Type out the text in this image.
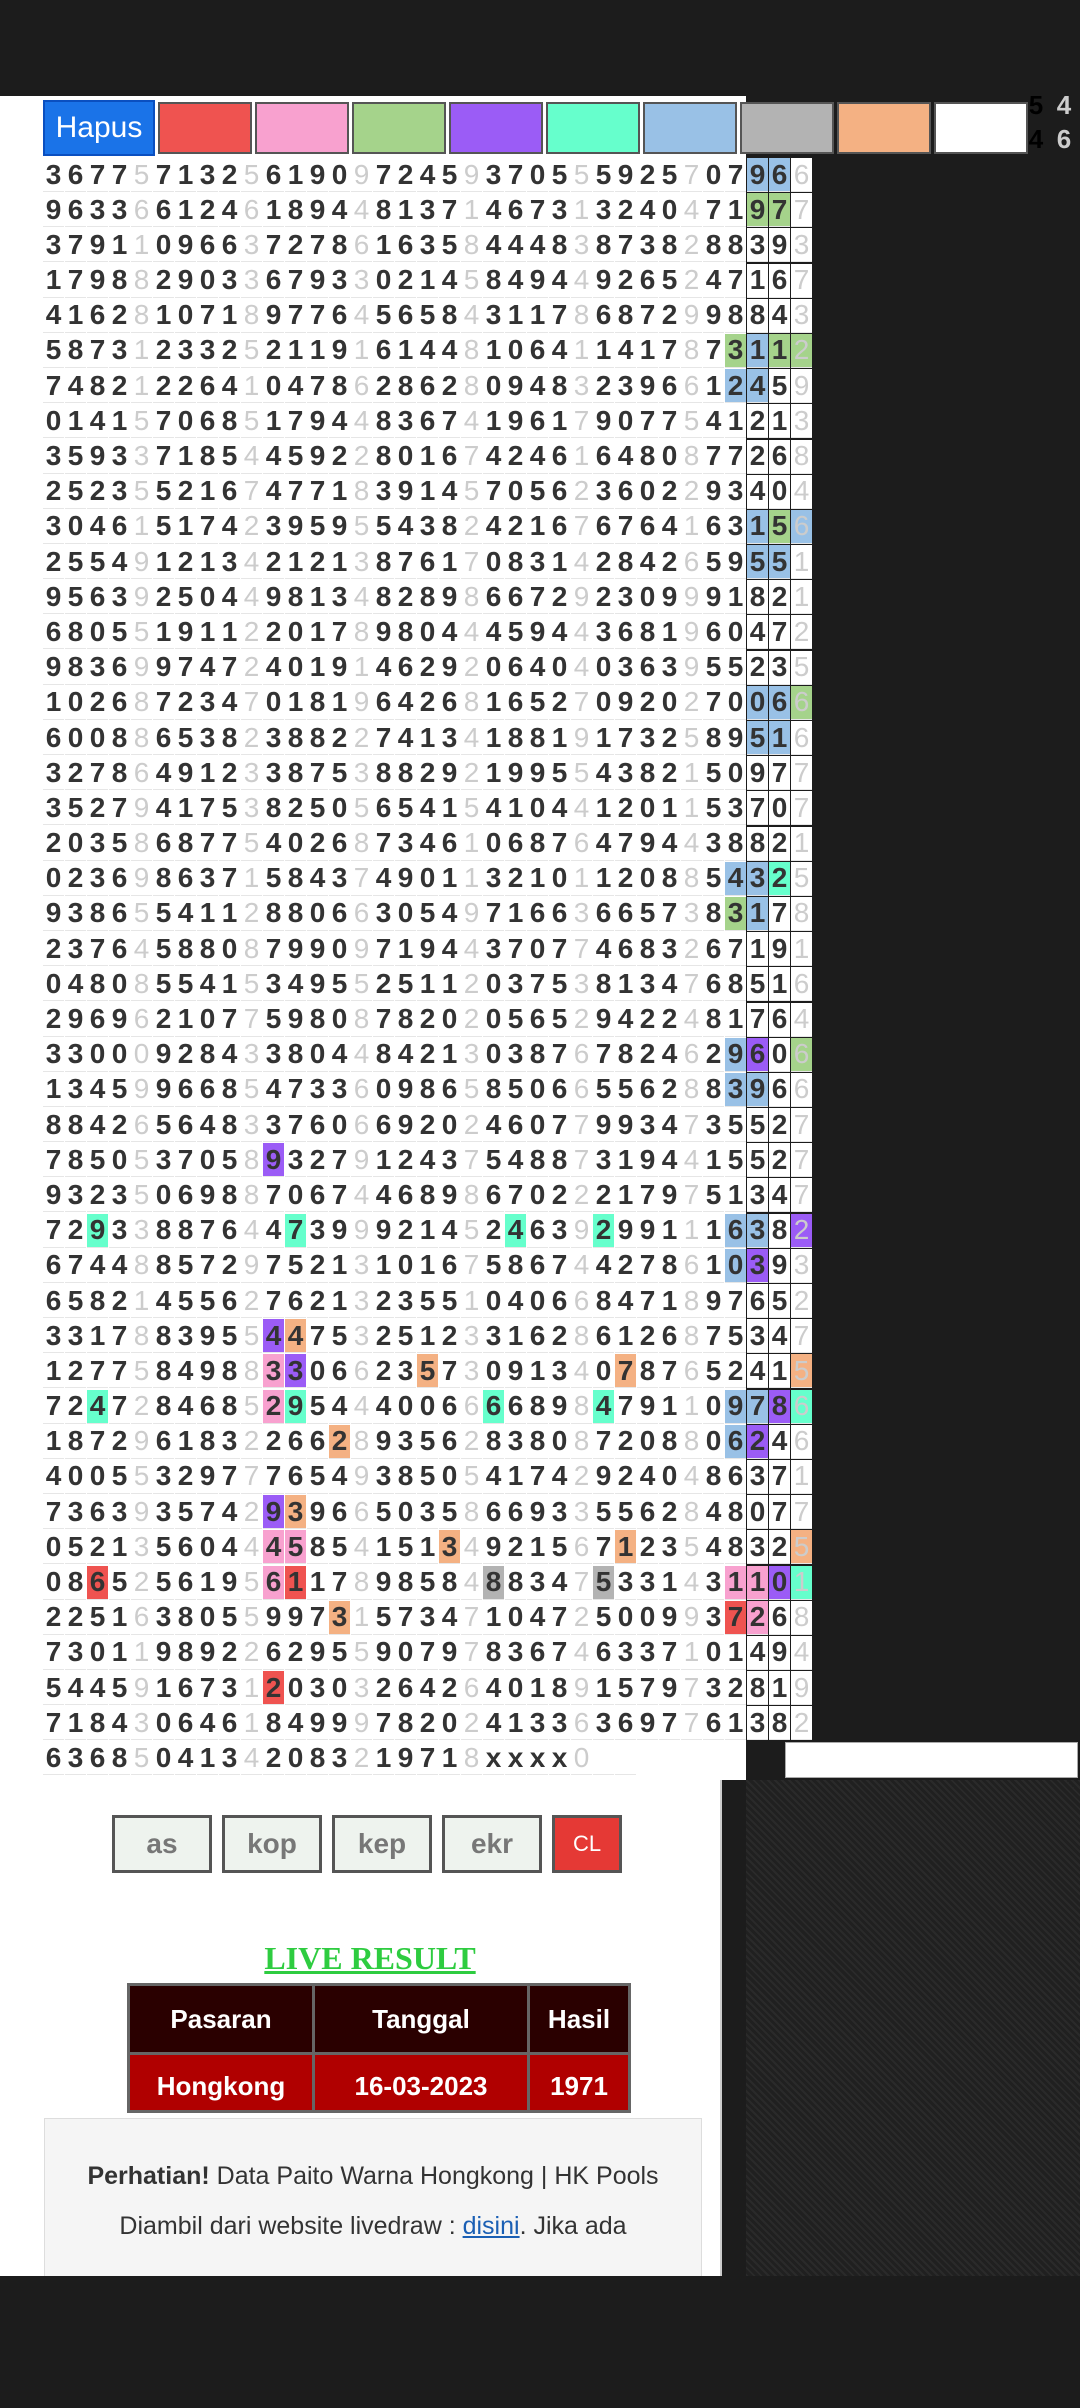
Hapus
5 4
4 6
3 6 7 7 5 7 1 3 2 5 6 1 9 0 9 7 2 4 5 9 3 7 0 5 5 5 9 2 5 7 0 7 9 6 6
9 6 3 3 6 6 1 2 4 6 1 8 9 4 4 8 1 3 7 1 4 6 7 3 1 3 2 4 0 4 7 1 9 7 7
3 7 9 1 1 0 9 6 6 3 7 2 7 8 6 1 6 3 5 8 4 4 4 8 3 8 7 3 8 2 8 8 3 9 3
1 7 9 8 8 2 9 0 3 3 6 7 9 3 3 0 2 1 4 5 8 4 9 4 4 9 2 6 5 2 4 7 1 6 7
4 1 6 2 8 1 0 7 1 8 9 7 7 6 4 5 6 5 8 4 3 1 1 7 8 6 8 7 2 9 9 8 8 4 3
5 8 7 3 1 2 3 3 2 5 2 1 1 9 1 6 1 4 4 8 1 0 6 4 1 1 4 1 7 8 7 3 1 1 2
7 4 8 2 1 2 2 6 4 1 0 4 7 8 6 2 8 6 2 8 0 9 4 8 3 2 3 9 6 6 1 2 4 5 9
0 1 4 1 5 7 0 6 8 5 1 7 9 4 4 8 3 6 7 4 1 9 6 1 7 9 0 7 7 5 4 1 2 1 3
3 5 9 3 3 7 1 8 5 4 4 5 9 2 2 8 0 1 6 7 4 2 4 6 1 6 4 8 0 8 7 7 2 6 8
2 5 2 3 5 5 2 1 6 7 4 7 7 1 8 3 9 1 4 5 7 0 5 6 2 3 6 0 2 2 9 3 4 0 4
3 0 4 6 1 5 1 7 4 2 3 9 5 9 5 5 4 3 8 2 4 2 1 6 7 6 7 6 4 1 6 3 1 5 6
2 5 5 4 9 1 2 1 3 4 2 1 2 1 3 8 7 6 1 7 0 8 3 1 4 2 8 4 2 6 5 9 5 5 1
9 5 6 3 9 2 5 0 4 4 9 8 1 3 4 8 2 8 9 8 6 6 7 2 9 2 3 0 9 9 9 1 8 2 1
6 8 0 5 5 1 9 1 1 2 2 0 1 7 8 9 8 0 4 4 4 5 9 4 4 3 6 8 1 9 6 0 4 7 2
9 8 3 6 9 9 7 4 7 2 4 0 1 9 1 4 6 2 9 2 0 6 4 0 4 0 3 6 3 9 5 5 2 3 5
1 0 2 6 8 7 2 3 4 7 0 1 8 1 9 6 4 2 6 8 1 6 5 2 7 0 9 2 0 2 7 0 0 6 6
6 0 0 8 8 6 5 3 8 2 3 8 8 2 2 7 4 1 3 4 1 8 8 1 9 1 7 3 2 5 8 9 5 1 6
3 2 7 8 6 4 9 1 2 3 3 8 7 5 3 8 8 2 9 2 1 9 9 5 5 4 3 8 2 1 5 0 9 7 7
3 5 2 7 9 4 1 7 5 3 8 2 5 0 5 6 5 4 1 5 4 1 0 4 4 1 2 0 1 1 5 3 7 0 7
2 0 3 5 8 6 8 7 7 5 4 0 2 6 8 7 3 4 6 1 0 6 8 7 6 4 7 9 4 4 3 8 8 2 1
0 2 3 6 9 8 6 3 7 1 5 8 4 3 7 4 9 0 1 1 3 2 1 0 1 1 2 0 8 8 5 4 3 2 5
9 3 8 6 5 5 4 1 1 2 8 8 0 6 6 3 0 5 4 9 7 1 6 6 3 6 6 5 7 3 8 3 1 7 8
2 3 7 6 4 5 8 8 0 8 7 9 9 0 9 7 1 9 4 4 3 7 0 7 7 4 6 8 3 2 6 7 1 9 1
0 4 8 0 8 5 5 4 1 5 3 4 9 5 5 2 5 1 1 2 0 3 7 5 3 8 1 3 4 7 6 8 5 1 6
2 9 6 9 6 2 1 0 7 7 5 9 8 0 8 7 8 2 0 2 0 5 6 5 2 9 4 2 2 4 8 1 7 6 4
3 3 0 0 0 9 2 8 4 3 3 8 0 4 4 8 4 2 1 3 0 3 8 7 6 7 8 2 4 6 2 9 6 0 6
1 3 4 5 9 9 6 6 8 5 4 7 3 3 6 0 9 8 6 5 8 5 0 6 6 5 5 6 2 8 8 3 9 6 6
8 8 4 2 6 5 6 4 8 3 3 7 6 0 6 6 9 2 0 2 4 6 0 7 7 9 9 3 4 7 3 5 5 2 7
7 8 5 0 5 3 7 0 5 8 9 3 2 7 9 1 2 4 3 7 5 4 8 8 7 3 1 9 4 4 1 5 5 2 7
9 3 2 3 5 0 6 9 8 8 7 0 6 7 4 4 6 8 9 8 6 7 0 2 2 2 1 7 9 7 5 1 3 4 7
7 2 9 3 3 8 8 7 6 4 4 7 3 9 9 9 2 1 4 5 2 4 6 3 9 2 9 9 1 1 1 6 3 8 2
6 7 4 4 8 8 5 7 2 9 7 5 2 1 3 1 0 1 6 7 5 8 6 7 4 4 2 7 8 6 1 0 3 9 3
6 5 8 2 1 4 5 5 6 2 7 6 2 1 3 2 3 5 5 1 0 4 0 6 6 8 4 7 1 8 9 7 6 5 2
3 3 1 7 8 8 3 9 5 5 4 4 7 5 3 2 5 1 2 3 3 1 6 2 8 6 1 2 6 8 7 5 3 4 7
1 2 7 7 5 8 4 9 8 8 3 3 0 6 6 2 3 5 7 3 0 9 1 3 4 0 7 8 7 6 5 2 4 1 5
7 2 4 7 2 8 4 6 8 5 2 9 5 4 4 4 0 0 6 6 6 6 8 9 8 4 7 9 1 1 0 9 7 8 6
1 8 7 2 9 6 1 8 3 2 2 6 6 2 8 9 3 5 6 2 8 3 8 0 8 7 2 0 8 8 0 6 2 4 6
4 0 0 5 5 3 2 9 7 7 7 6 5 4 9 3 8 5 0 5 4 1 7 4 2 9 2 4 0 4 8 6 3 7 1
7 3 6 3 9 3 5 7 4 2 9 3 9 6 6 5 0 3 5 8 6 6 9 3 3 5 5 6 2 8 4 8 0 7 7
0 5 2 1 3 5 6 0 4 4 4 5 8 5 4 1 5 1 3 4 9 2 1 5 6 7 1 2 3 5 4 8 3 2 5
0 8 6 5 2 5 6 1 9 5 6 1 1 7 8 9 8 5 8 4 8 8 3 4 7 5 3 3 1 4 3 1 1 0 1
2 2 5 1 6 3 8 0 5 5 9 9 7 3 1 5 7 3 4 7 1 0 4 7 2 5 0 0 9 9 3 7 2 6 8
7 3 0 1 1 9 8 9 2 2 6 2 9 5 5 9 0 7 9 7 8 3 6 7 4 6 3 3 7 1 0 1 4 9 4
5 4 4 5 9 1 6 7 3 1 2 0 3 0 3 2 6 4 2 6 4 0 1 8 9 1 5 7 9 7 3 2 8 1 9
7 1 8 4 3 0 6 4 6 1 8 4 9 9 9 7 8 2 0 2 4 1 3 3 6 3 6 9 7 7 6 1 3 8 2
6 3 6 8 5 0 4 1 3 4 2 0 8 3 2 1 9 7 1 8 x x x x 0
as	kop	kep	ekr	CL
LIVE RESULT
Pasaran	Tanggal	Hasil
Hongkong	16-03-2023	1971

Perhatian! Data Paito Warna Hongkong | HK Pools

Diambil dari website livedraw : disini. Jika ada
